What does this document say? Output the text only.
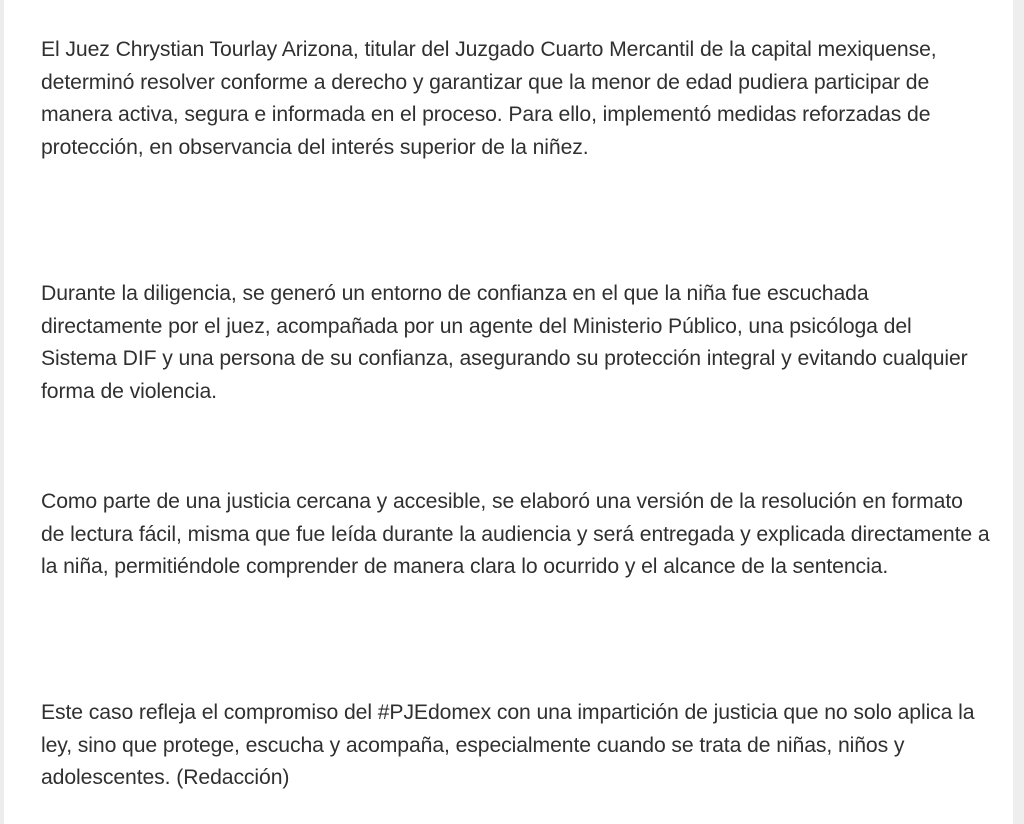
El Juez Chrystian Tourlay Arizona, titular del Juzgado Cuarto Mercantil de la capital mexiquense, determinó resolver conforme a derecho y garantizar que la menor de edad pudiera participar de manera activa, segura e informada en el proceso. Para ello, implementó medidas reforzadas de protección, en observancia del interés superior de la niñez.

Durante la diligencia, se generó un entorno de confianza en el que la niña fue escuchada directamente por el juez, acompañada por un agente del Ministerio Público, una psicóloga del Sistema DIF y una persona de su confianza, asegurando su protección integral y evitando cualquier forma de violencia.

Como parte de una justicia cercana y accesible, se elaboró una versión de la resolución en formato de lectura fácil, misma que fue leída durante la audiencia y será entregada y explicada directamente a la niña, permitiéndole comprender de manera clara lo ocurrido y el alcance de la sentencia.

Este caso refleja el compromiso del #PJEdomex con una impartición de justicia que no solo aplica la ley, sino que protege, escucha y acompaña, especialmente cuando se trata de niñas, niños y adolescentes. (Redacción)
